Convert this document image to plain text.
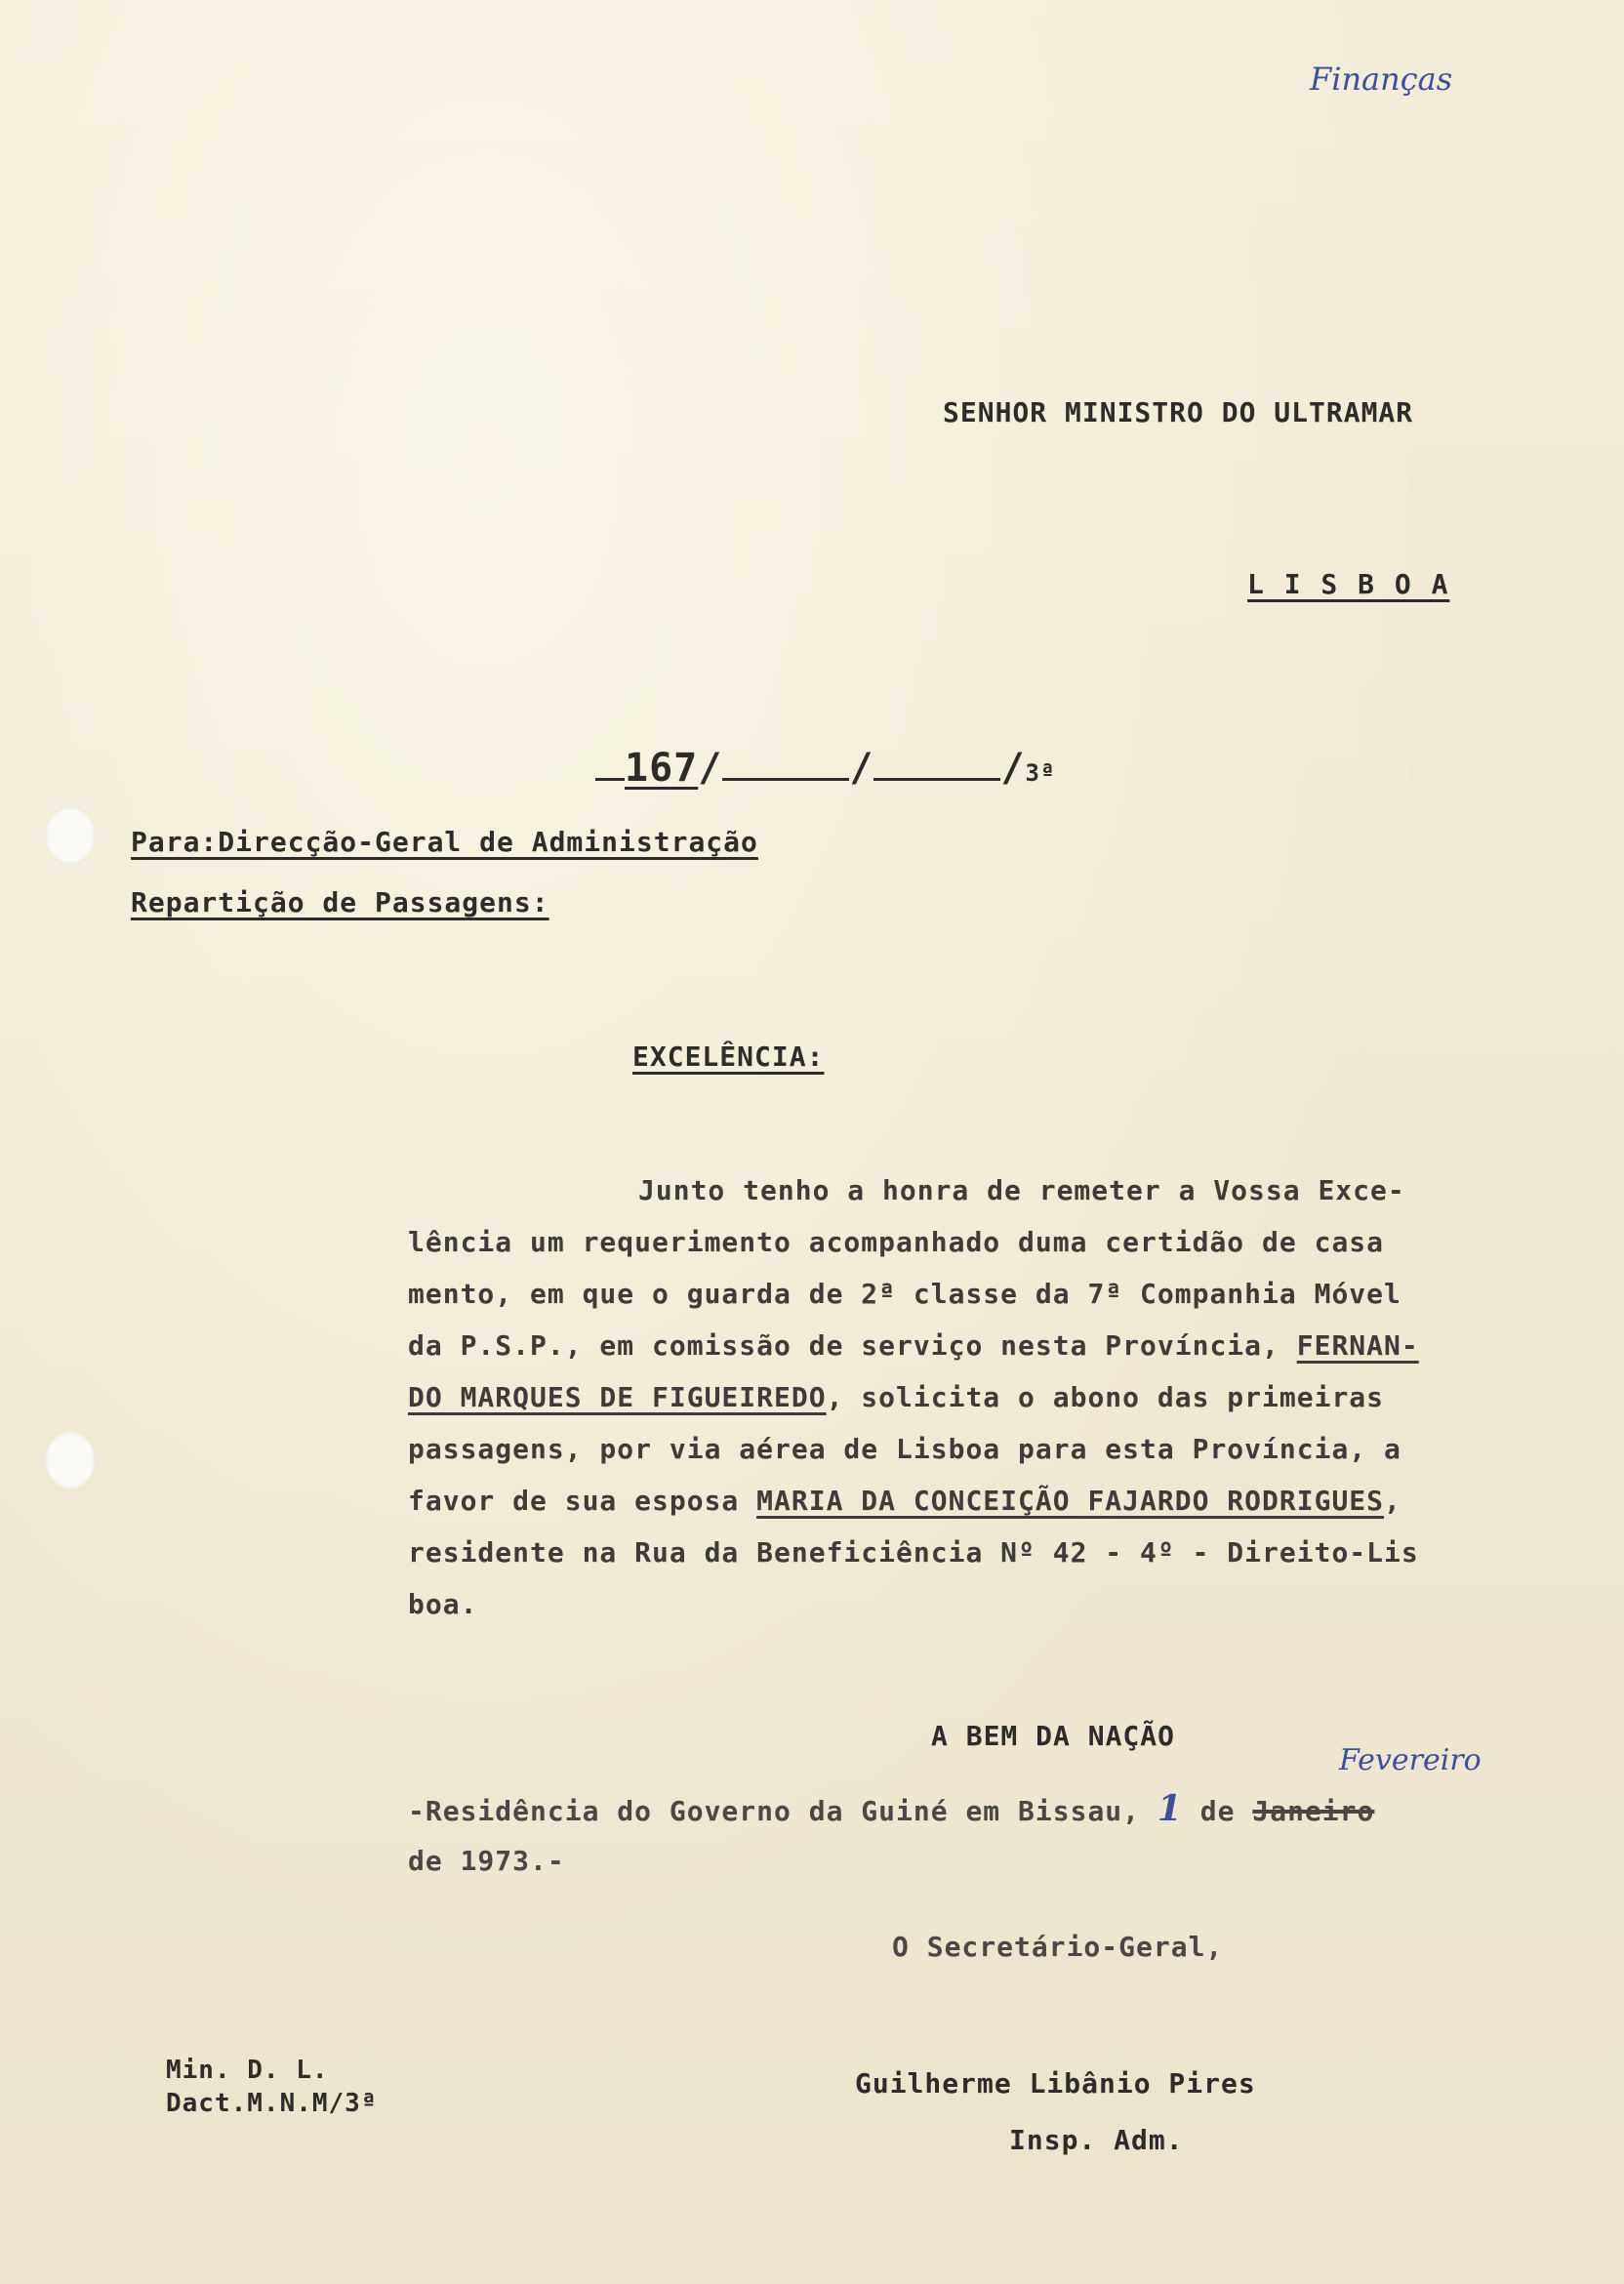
Finanças
SENHOR MINISTRO DO ULTRAMAR
L I S B O A
167/	/	/3ª
Para:Direcção-Geral de Administração
Repartição de Passagens:
EXCELÊNCIA:
Junto tenho a honra de remeter a Vossa Exce-
lência um requerimento acompanhado duma certidão de casa
mento, em que o guarda de 2ª classe da 7ª Companhia Móvel
da P.S.P., em comissão de serviço nesta Província, FERNAN-
DO MARQUES DE FIGUEIREDO, solicita o abono das primeiras
passagens, por via aérea de Lisboa para esta Província, a
favor de sua esposa MARIA DA CONCEIÇÃO FAJARDO RODRIGUES,
residente na Rua da Beneficiência Nº 42 - 4º - Direito-Lis
boa.
A BEM DA NAÇÃO
Fevereiro
-Residência do Governo da Guiné em Bissau, 1 de Janeiro
de 1973.-
O Secretário-Geral,
Guilherme Libânio Pires
Insp. Adm.
Min. D. L.
Dact.M.N.M/3ª
